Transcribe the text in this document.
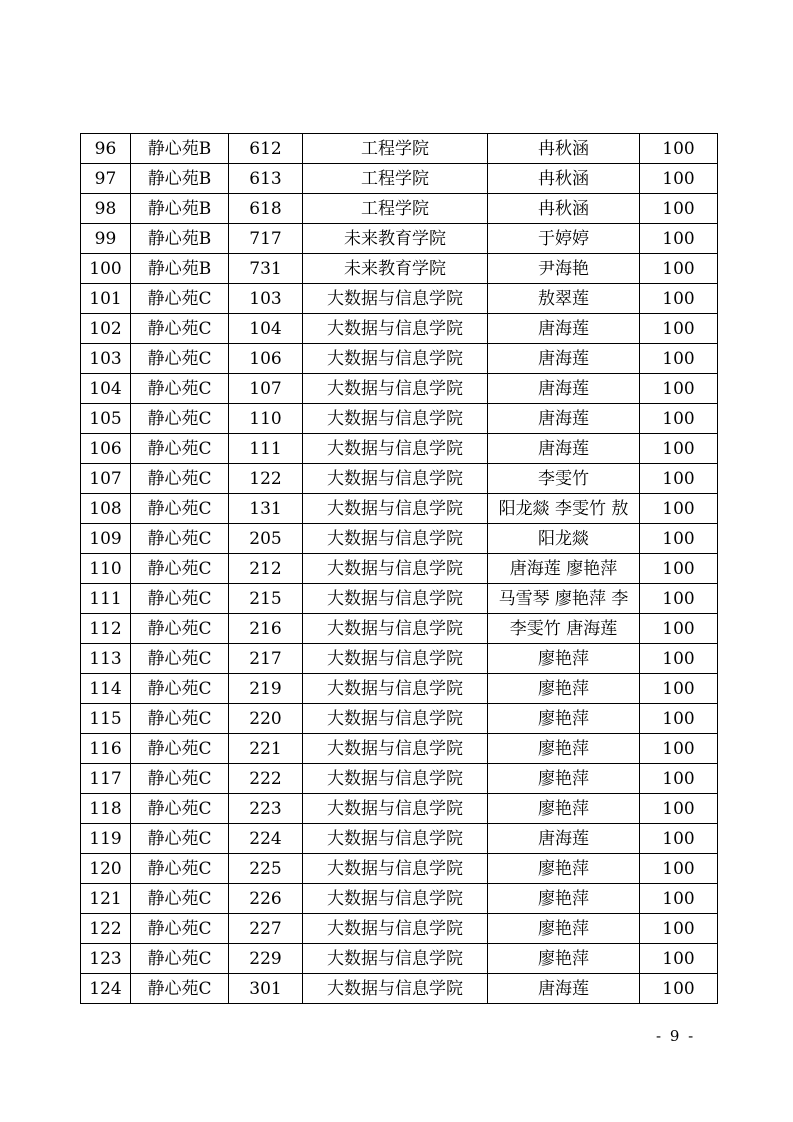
96	静心苑B	612	工程学院	冉秋涵	100
97	静心苑B	613	工程学院	冉秋涵	100
98	静心苑B	618	工程学院	冉秋涵	100
99	静心苑B	717	未来教育学院	于婷婷	100
100	静心苑B	731	未来教育学院	尹海艳	100
101	静心苑C	103	大数据与信息学院	敖翠莲	100
102	静心苑C	104	大数据与信息学院	唐海莲	100
103	静心苑C	106	大数据与信息学院	唐海莲	100
104	静心苑C	107	大数据与信息学院	唐海莲	100
105	静心苑C	110	大数据与信息学院	唐海莲	100
106	静心苑C	111	大数据与信息学院	唐海莲	100
107	静心苑C	122	大数据与信息学院	李雯竹	100
108	静心苑C	131	大数据与信息学院	阳龙燚 李雯竹 敖	100
109	静心苑C	205	大数据与信息学院	阳龙燚	100
110	静心苑C	212	大数据与信息学院	唐海莲 廖艳萍	100
111	静心苑C	215	大数据与信息学院	马雪琴 廖艳萍 李	100
112	静心苑C	216	大数据与信息学院	李雯竹 唐海莲	100
113	静心苑C	217	大数据与信息学院	廖艳萍	100
114	静心苑C	219	大数据与信息学院	廖艳萍	100
115	静心苑C	220	大数据与信息学院	廖艳萍	100
116	静心苑C	221	大数据与信息学院	廖艳萍	100
117	静心苑C	222	大数据与信息学院	廖艳萍	100
118	静心苑C	223	大数据与信息学院	廖艳萍	100
119	静心苑C	224	大数据与信息学院	唐海莲	100
120	静心苑C	225	大数据与信息学院	廖艳萍	100
121	静心苑C	226	大数据与信息学院	廖艳萍	100
122	静心苑C	227	大数据与信息学院	廖艳萍	100
123	静心苑C	229	大数据与信息学院	廖艳萍	100
124	静心苑C	301	大数据与信息学院	唐海莲	100
- 9 -
